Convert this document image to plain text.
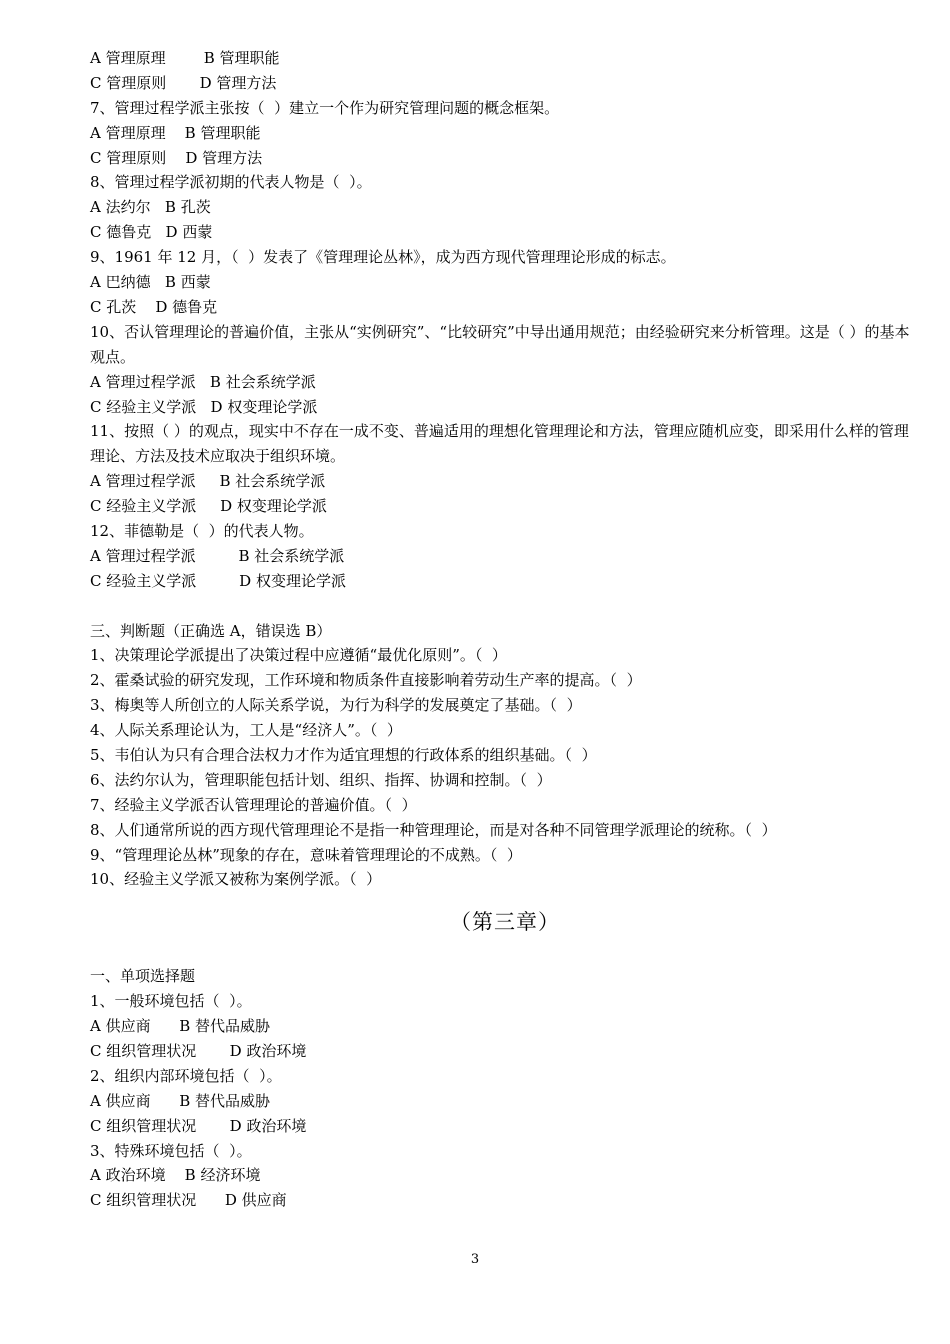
A 管理原理        B 管理职能
C 管理原则       D 管理方法
7、管理过程学派主张按（  ）建立一个作为研究管理问题的概念框架。
A 管理原理    B 管理职能
C 管理原则    D 管理方法
8、管理过程学派初期的代表人物是（  ）。
A 法约尔   B 孔茨
C 德鲁克   D 西蒙
9、1961 年 12 月，（  ）发表了《管理理论丛林》，成为西方现代管理理论形成的标志。
A 巴纳德   B 西蒙
C 孔茨    D 德鲁克
10、否认管理理论的普遍价值，主张从“实例研究”、“比较研究”中导出通用规范；由经验研究来分析管理。这是（ ）的基本观点。
A 管理过程学派   B 社会系统学派
C 经验主义学派   D 权变理论学派
11、按照（ ）的观点，现实中不存在一成不变、普遍适用的理想化管理理论和方法，管理应随机应变，即采用什么样的管理理论、方法及技术应取决于组织环境。
A 管理过程学派     B 社会系统学派
C 经验主义学派     D 权变理论学派
12、菲德勒是（  ）的代表人物。
A 管理过程学派         B 社会系统学派
C 经验主义学派         D 权变理论学派
三、判断题（正确选 A，错误选 B）
1、决策理论学派提出了决策过程中应遵循“最优化原则”。（  ）
2、霍桑试验的研究发现，工作环境和物质条件直接影响着劳动生产率的提高。（  ）
3、梅奥等人所创立的人际关系学说，为行为科学的发展奠定了基础。（  ）
4、人际关系理论认为，工人是“经济人”。（  ）
5、韦伯认为只有合理合法权力才作为适宜理想的行政体系的组织基础。（  ）
6、法约尔认为，管理职能包括计划、组织、指挥、协调和控制。（  ）
7、经验主义学派否认管理理论的普遍价值。（  ）
8、人们通常所说的西方现代管理理论不是指一种管理理论，而是对各种不同管理学派理论的统称。（  ）
9、“管理理论丛林”现象的存在，意味着管理理论的不成熟。（  ）
10、经验主义学派又被称为案例学派。（  ）
（第三章）
一、单项选择题
1、一般环境包括（  ）。
A 供应商      B 替代品威胁
C 组织管理状况       D 政治环境
2、组织内部环境包括（  ）。
A 供应商      B 替代品威胁
C 组织管理状况       D 政治环境
3、特殊环境包括（  ）。
A 政治环境    B 经济环境
C 组织管理状况      D 供应商
3
